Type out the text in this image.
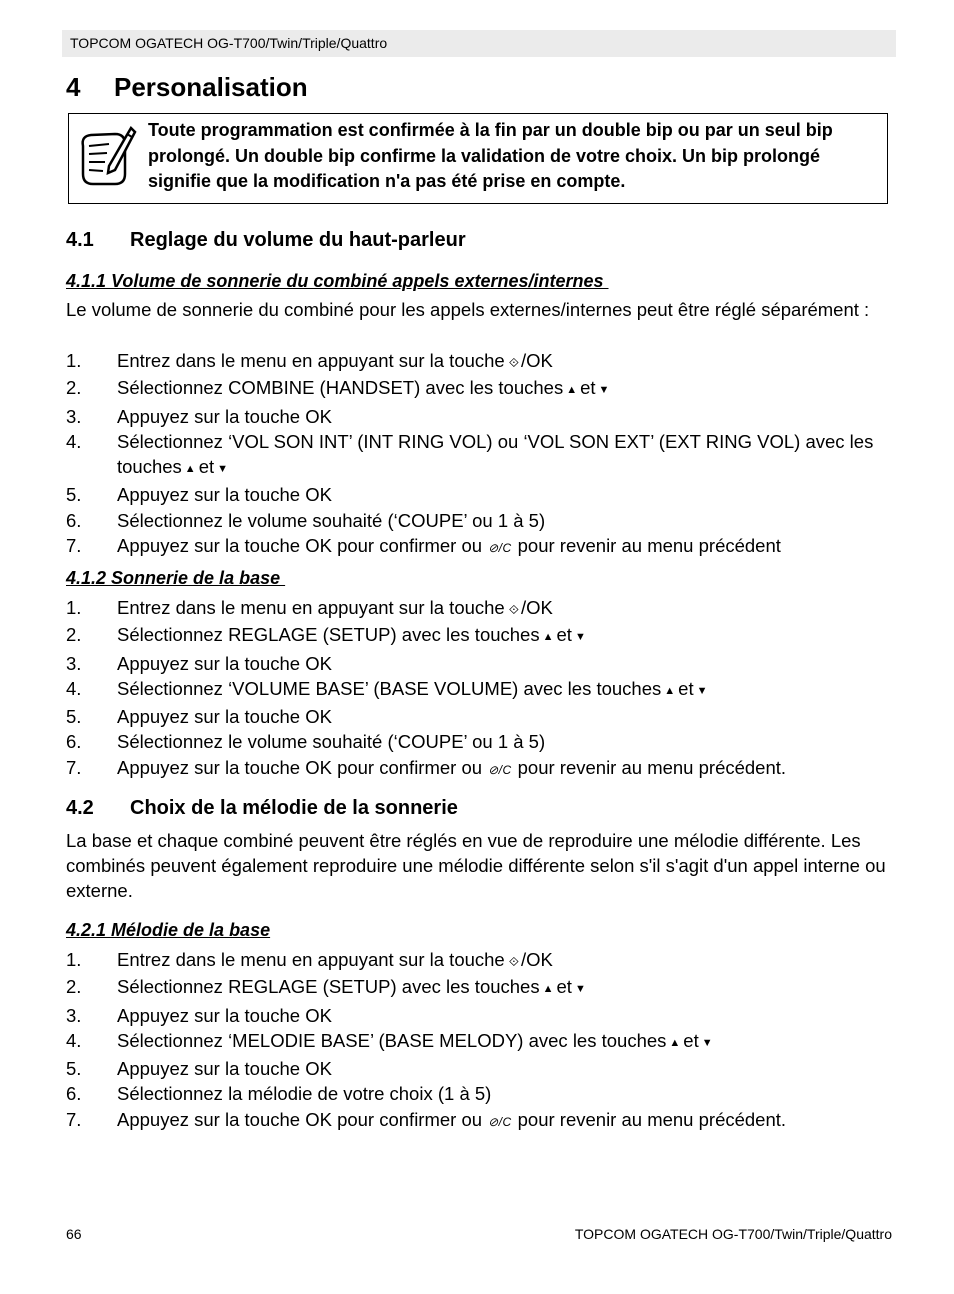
TOPCOM OGATECH OG-T700/Twin/Triple/Quattro
4 Personalisation
Toute programmation est confirmée à la fin par un double bip ou par un seul bip prolongé. Un double bip confirme la validation de votre choix. Un bip prolongé signifie que la modification n'a pas été prise en compte.
4.1 Reglage du volume du haut-parleur
4.1.1 Volume de sonnerie du combiné appels externes/internes
Le volume de sonnerie du combiné pour les appels externes/internes peut être réglé séparément :
1.	Entrez dans le menu en appuyant sur la touche ⟐ /OK
2.	Sélectionnez COMBINE (HANDSET) avec les touches ▲ et ▼
3.	Appuyez sur la touche OK
4.	Sélectionnez ‘VOL SON INT’ (INT RING VOL) ou ‘VOL SON EXT’ (EXT RING VOL) avec les touches ▲ et ▼
5.	Appuyez sur la touche OK
6.	Sélectionnez le volume souhaité (‘COUPE’ ou 1 à 5)
7.	Appuyez sur la touche OK pour confirmer ou ⊘/C pour revenir au menu précédent
4.1.2 Sonnerie de la base
1.	Entrez dans le menu en appuyant sur la touche ⟐ /OK
2.	Sélectionnez REGLAGE (SETUP) avec les touches ▲ et ▼
3.	Appuyez sur la touche OK
4.	Sélectionnez ‘VOLUME BASE’ (BASE VOLUME) avec les touches ▲ et ▼
5.	Appuyez sur la touche OK
6.	Sélectionnez le volume souhaité (‘COUPE’ ou 1 à 5)
7.	Appuyez sur la touche OK pour confirmer ou ⊘/C pour revenir au menu précédent.
4.2 Choix de la mélodie de la sonnerie
La base et chaque combiné peuvent être réglés en vue de reproduire une mélodie différente. Les combinés peuvent également reproduire une mélodie différente selon s'il s'agit d'un appel interne ou externe.
4.2.1 Mélodie de la base
1.	Entrez dans le menu en appuyant sur la touche ⟐ /OK
2.	Sélectionnez REGLAGE (SETUP) avec les touches ▲ et ▼
3.	Appuyez sur la touche OK
4.	Sélectionnez ‘MELODIE BASE’ (BASE MELODY) avec les touches ▲ et ▼
5.	Appuyez sur la touche OK
6.	Sélectionnez la mélodie de votre choix (1 à 5)
7.	Appuyez sur la touche OK pour confirmer ou ⊘/C pour revenir au menu précédent.
66	TOPCOM OGATECH OG-T700/Twin/Triple/Quattro
